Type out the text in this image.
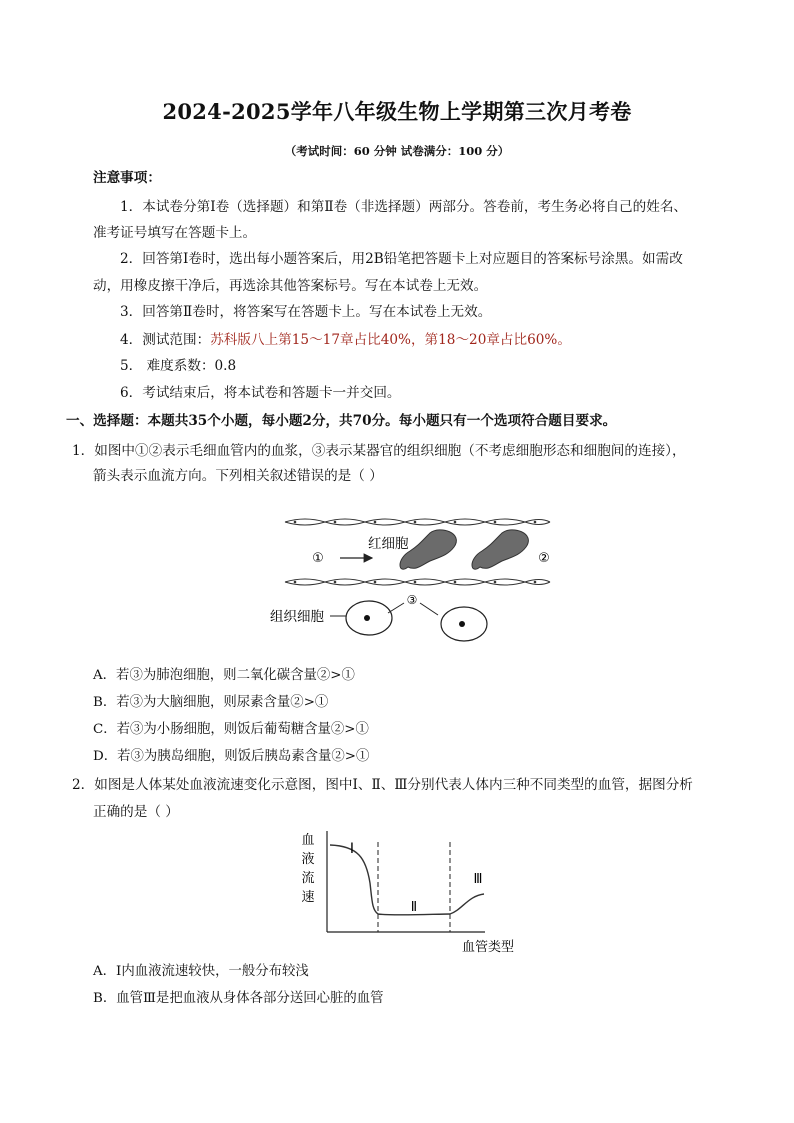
2024-2025学年八年级生物上学期第三次月考卷
（考试时间：60 分钟 试卷满分：100 分）
注意事项：
1．本试卷分第Ⅰ卷（选择题）和第Ⅱ卷（非选择题）两部分。答卷前，考生务必将自己的姓名、
准考证号填写在答题卡上。
2．回答第Ⅰ卷时，选出每小题答案后，用2B铅笔把答题卡上对应题目的答案标号涂黑。如需改
动，用橡皮擦干净后，再选涂其他答案标号。写在本试卷上无效。
3．回答第Ⅱ卷时，将答案写在答题卡上。写在本试卷上无效。
4．测试范围：苏科版八上第15～17章占比40%，第18～20章占比60%。
5． 难度系数：0.8
6．考试结束后，将本试卷和答题卡一并交回。
一、选择题：本题共35个小题，每小题2分，共70分。每小题只有一个选项符合题目要求。
1．如图中①②表示毛细血管内的血浆，③表示某器官的组织细胞（不考虑细胞形态和细胞间的连接），
箭头表示血流方向。下列相关叙述错误的是（ ）
①
红细胞
②
③
组织细胞
A．若③为肺泡细胞，则二氧化碳含量②>①
B．若③为大脑细胞，则尿素含量②>①
C．若③为小肠细胞，则饭后葡萄糖含量②>①
D．若③为胰岛细胞，则饭后胰岛素含量②>①
2．如图是人体某处血液流速变化示意图，图中Ⅰ、Ⅱ、Ⅲ分别代表人体内三种不同类型的血管，据图分析
正确的是（ ）
血
液
流
速
Ⅰ
Ⅱ
Ⅲ
血管类型
A．Ⅰ内血液流速较快，一般分布较浅
B．血管Ⅲ是把血液从身体各部分送回心脏的血管
